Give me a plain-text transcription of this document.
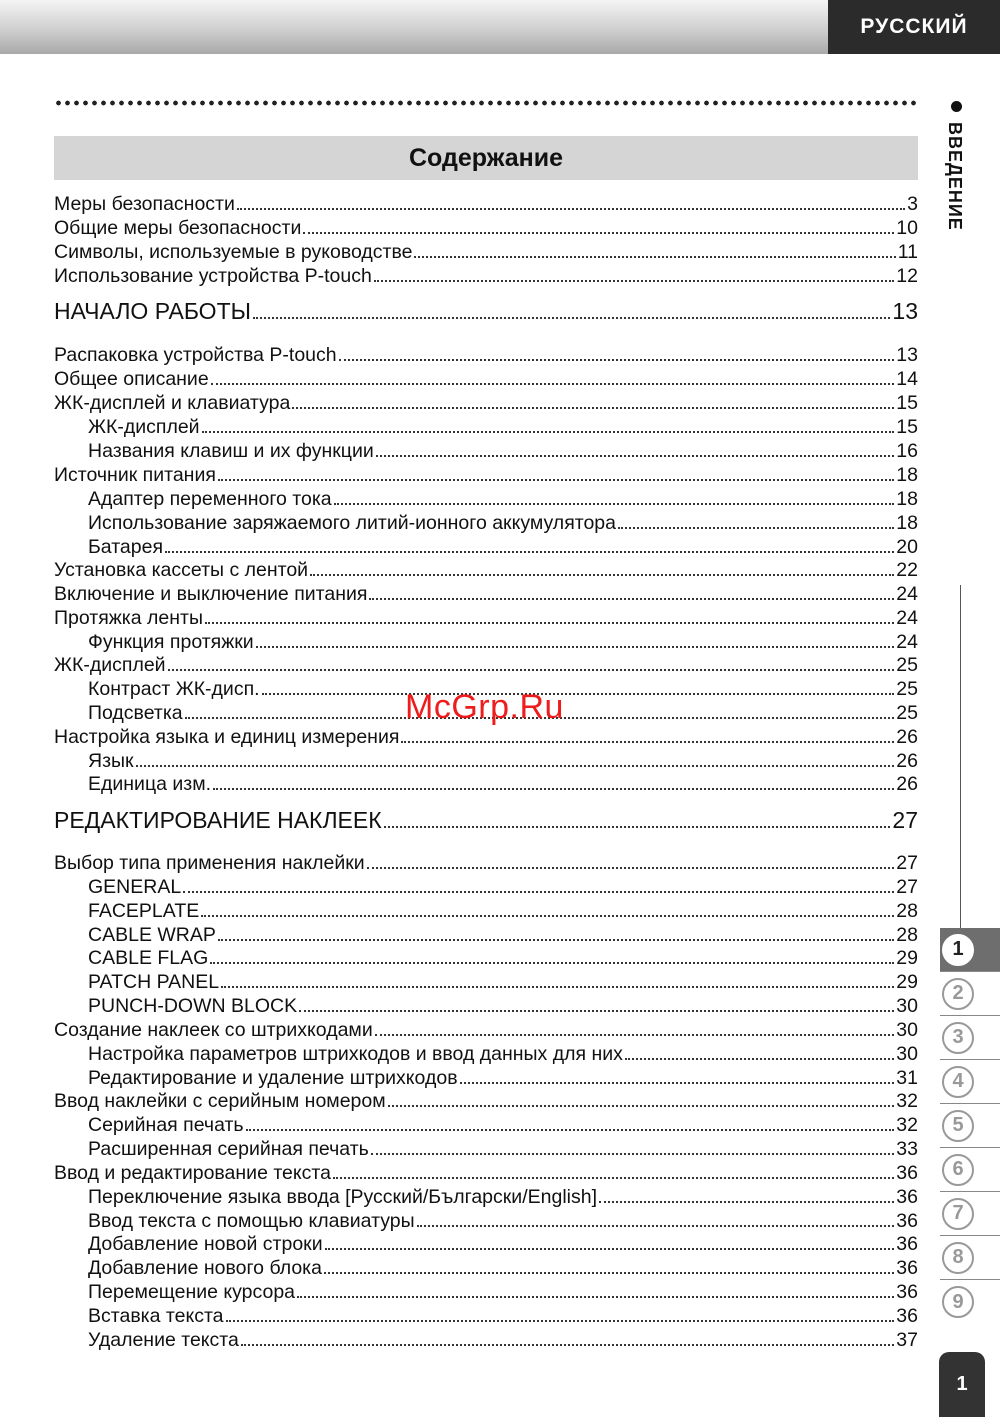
РУССКИЙ
Содержание	ВВЕДЕНИЕ
Меры безопасности	3
Общие меры безопасности	10
Символы, используемые в руководстве	11
Использование устройства P-touch	12
НАЧАЛО РАБОТЫ	13
Распаковка устройства P-touch	13
Общее описание	14
ЖК-дисплей и клавиатура	15
ЖК-дисплей	15
Названия клавиш и их функции	16
Источник питания	18
Адаптер переменного тока	18
Использование заряжаемого литий-ионного аккумулятора	18
Батарея	20
Установка кассеты с лентой	22
Включение и выключение питания	24
Протяжка ленты	24
Функция протяжки	24
ЖК-дисплей	25
Контраст ЖК-дисп.	25
Подсветка	25
Настройка языка и единиц измерения	26
Язык	26
Единица изм.	26
РЕДАКТИРОВАНИЕ НАКЛЕЕК	27
Выбор типа применения наклейки	27
GENERAL	27
FACEPLATE	28
CABLE WRAP	28
CABLE FLAG	29
PATCH PANEL	29
PUNCH-DOWN BLOCK	30
Создание наклеек со штрихкодами	30
Настройка параметров штрихкодов и ввод данных для них	30
Редактирование и удаление штрихкодов	31
Ввод наклейки с серийным номером	32
Серийная печать	32
Расширенная серийная печать	33
Ввод и редактирование текста	36
Переключение языка ввода [Русский/Български/English]	36
Ввод текста с помощью клавиатуры	36
Добавление новой строки	36
Добавление нового блока	36
Перемещение курсора	36
Вставка текста	36
Удаление текста	37
McGrp.Ru
1
2
3
4
5
6
7
8
9
1
